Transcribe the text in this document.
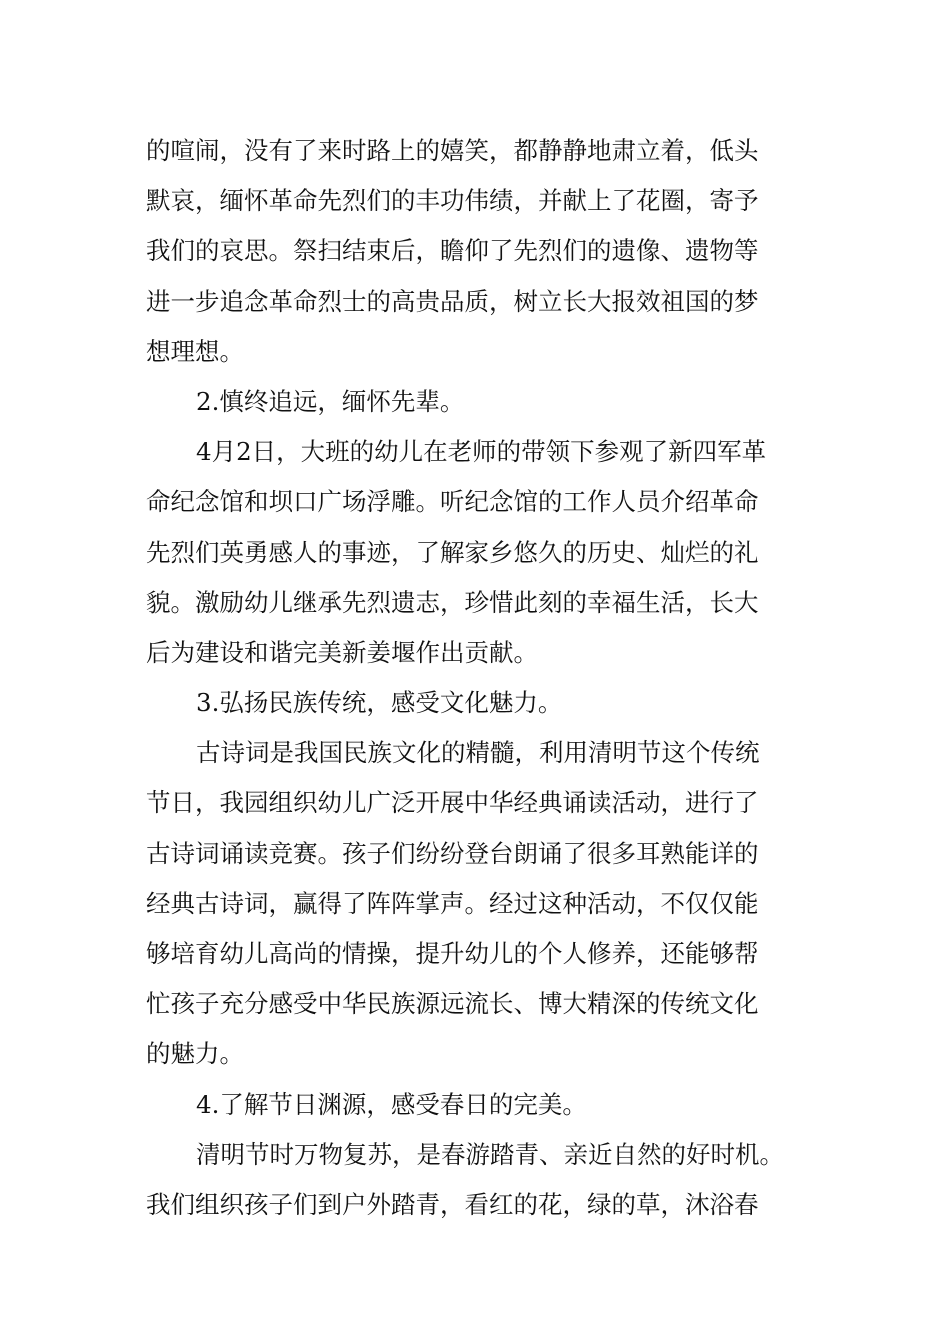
的喧闹，没有了来时路上的嬉笑，都静静地肃立着，低头
默哀，缅怀革命先烈们的丰功伟绩，并献上了花圈，寄予
我们的哀思。祭扫结束后，瞻仰了先烈们的遗像、遗物等
进一步追念革命烈士的高贵品质，树立长大报效祖国的梦
想理想。
2.慎终追远，缅怀先辈。
4月2日，大班的幼儿在老师的带领下参观了新四军革
命纪念馆和坝口广场浮雕。听纪念馆的工作人员介绍革命
先烈们英勇感人的事迹，了解家乡悠久的历史、灿烂的礼
貌。激励幼儿继承先烈遗志，珍惜此刻的幸福生活，长大
后为建设和谐完美新姜堰作出贡献。
3.弘扬民族传统，感受文化魅力。
古诗词是我国民族文化的精髓，利用清明节这个传统
节日，我园组织幼儿广泛开展中华经典诵读活动，进行了
古诗词诵读竞赛。孩子们纷纷登台朗诵了很多耳熟能详的
经典古诗词，赢得了阵阵掌声。经过这种活动，不仅仅能
够培育幼儿高尚的情操，提升幼儿的个人修养，还能够帮
忙孩子充分感受中华民族源远流长、博大精深的传统文化
的魅力。
4.了解节日渊源，感受春日的完美。
清明节时万物复苏，是春游踏青、亲近自然的好时机。
我们组织孩子们到户外踏青，看红的花，绿的草，沐浴春
